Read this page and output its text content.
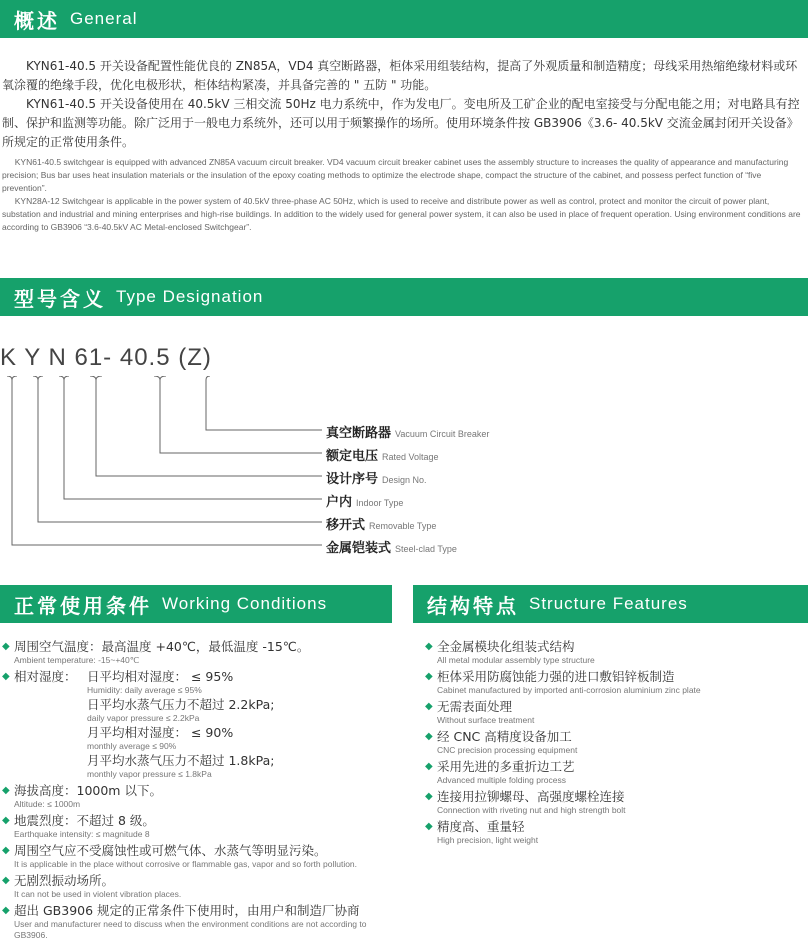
概述 General

KYN61-40.5 开关设备配置性能优良的 ZN85A，VD4 真空断路器，柜体采用组装结构，提高了外观质量和制造精度；母线采用热缩绝缘材料或环氧涂覆的绝缘手段，优化电极形状，柜体结构紧凑，并具备完善的 " 五防 " 功能。

KYN61-40.5 开关设备使用在 40.5kV 三相交流 50Hz 电力系统中，作为发电厂。变电所及工矿企业的配电室接受与分配电能之用；对电路具有控制、保护和监测等功能。除广泛用于一般电力系统外，还可以用于频繁操作的场所。使用环境条件按 GB3906《3.6- 40.5kV 交流金属封闭开关设备》所规定的正常使用条件。

KYN61-40.5 switchgear is equipped with advanced ZN85A vacuum circuit breaker. VD4 vacuum circuit breaker cabinet uses the assembly structure to increases the quality of appearance and manufacturing precision; Bus bar uses heat insulation materials or the insulation of the epoxy coating methods to optimize the electrode shape, compact the structure of the cabinet, and possess perfect function of “five prevention”.

KYN28A-12 Switchgear is applicable in the power system of 40.5kV three-phase AC 50Hz, which is used to receive and distribute power as well as control, protect and monitor the circuit of power plant, substation and industrial and mining enterprises and high-rise buildings. In addition to the widely used for general power system, it can also be used in place of frequent operation. Using environment conditions are according to GB3906 “3.6-40.5kV AC Metal-enclosed Switchgear”.

型号含义 Type Designation
K Y N 61- 40.5 (Z)
真空断路器 Vacuum Circuit Breaker
额定电压 Rated Voltage
设计序号 Design No.
户内 Indoor Type
移开式 Removable Type
金属铠装式 Steel-clad Type
正常使用条件 Working Conditions
◆ 周围空气温度：最高温度 +40℃，最低温度 -15℃。
Ambient temperature: -15~+40℃
◆ 相对湿度： 日平均相对湿度： ≤ 95%
Humidity: daily average ≤ 95%
日平均水蒸气压力不超过 2.2kPa;
daily vapor pressure ≤ 2.2kPa
月平均相对湿度： ≤ 90%
monthly average ≤ 90%
月平均水蒸气压力不超过 1.8kPa;
monthly vapor pressure ≤ 1.8kPa
◆ 海拔高度：1000m 以下。
Altitude: ≤ 1000m
◆ 地震烈度：不超过 8 级。
Earthquake intensity: ≤ magnitude 8
◆ 周围空气应不受腐蚀性或可燃气体、水蒸气等明显污染。
It is applicable in the place without corrosive or flammable gas, vapor and so forth pollution.
◆ 无剧烈振动场所。
It can not be used in violent vibration places.
◆ 超出 GB3906 规定的正常条件下使用时，由用户和制造厂协商
User and manufacturer need to discuss when the environment conditions are not according to GB3906.
结构特点 Structure Features
◆ 全金属模块化组装式结构
All metal modular assembly type structure
◆ 柜体采用防腐蚀能力强的进口敷铝锌板制造
Cabinet manufactured by imported anti-corrosion aluminium zinc plate
◆ 无需表面处理
Without surface treatment
◆ 经 CNC 高精度设备加工
CNC precision processing equipment
◆ 采用先进的多重折边工艺
Advanced multiple folding process
◆ 连接用拉铆螺母、高强度螺栓连接
Connection with riveting nut and high strength bolt
◆ 精度高、重量轻
High precision, light weight
